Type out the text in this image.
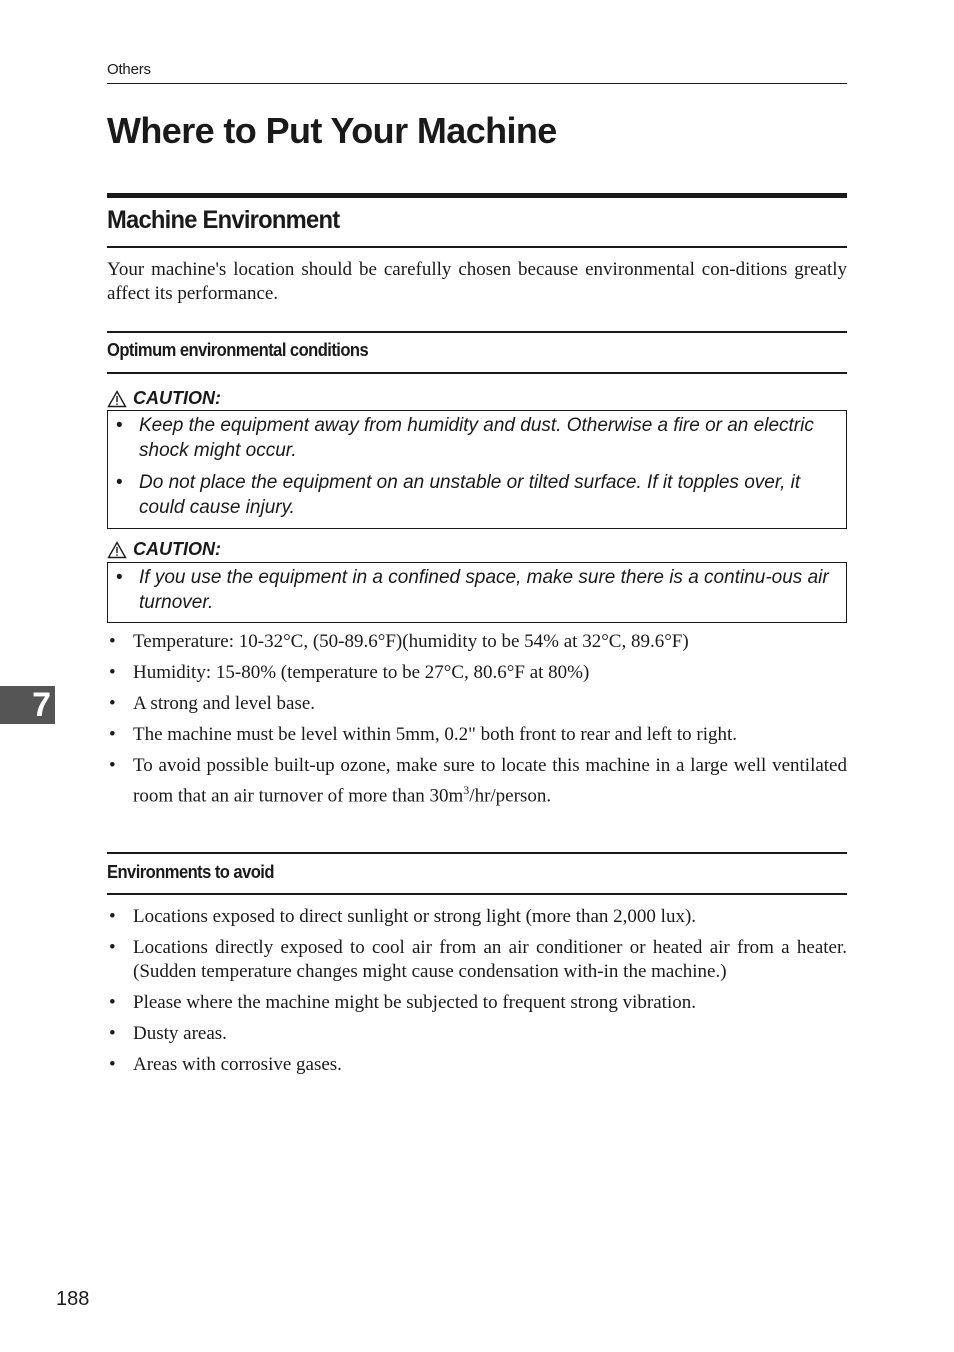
Others
Where to Put Your Machine
Machine Environment

Your machine's location should be carefully chosen because environmental con-ditions greatly affect its performance.

Optimum environmental conditions
CAUTION:
• Keep the equipment away from humidity and dust. Otherwise a fire or an electric shock might occur.
• Do not place the equipment on an unstable or tilted surface. If it topples over, it could cause injury.
CAUTION:
• If you use the equipment in a confined space, make sure there is a continu-ous air turnover.
• Temperature: 10-32°C, (50-89.6°F)(humidity to be 54% at 32°C, 89.6°F)
• Humidity: 15-80% (temperature to be 27°C, 80.6°F at 80%)
• A strong and level base.
• The machine must be level within 5mm, 0.2" both front to rear and left to right.
• To avoid possible built-up ozone, make sure to locate this machine in a large well ventilated room that an air turnover of more than $30m^3/hr$/person.
Environments to avoid
• Locations exposed to direct sunlight or strong light (more than 2,000 lux).
• Locations directly exposed to cool air from an air conditioner or heated air from a heater. (Sudden temperature changes might cause condensation with-in the machine.)
• Please where the machine might be subjected to frequent strong vibration.
• Dusty areas.
• Areas with corrosive gases.
7
188
